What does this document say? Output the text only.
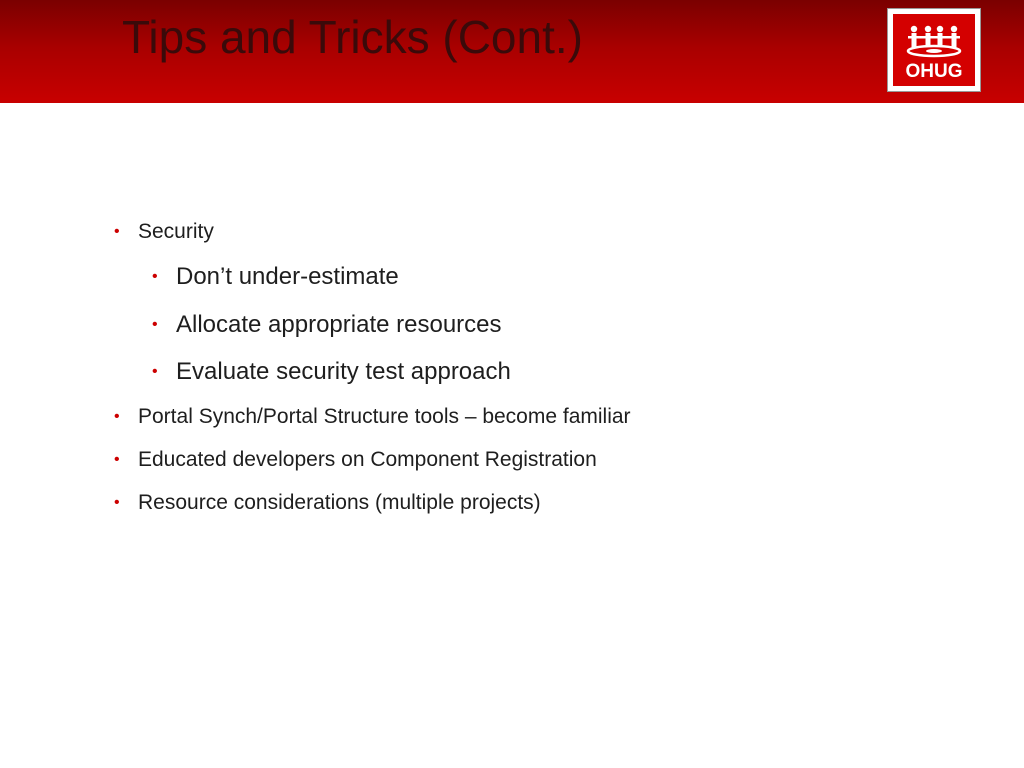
Tips and Tricks (Cont.)
OHUG
• Security
• Don’t under-estimate
• Allocate appropriate resources
• Evaluate security test approach
• Portal Synch/Portal Structure tools – become familiar
• Educated developers on Component Registration
• Resource considerations (multiple projects)
